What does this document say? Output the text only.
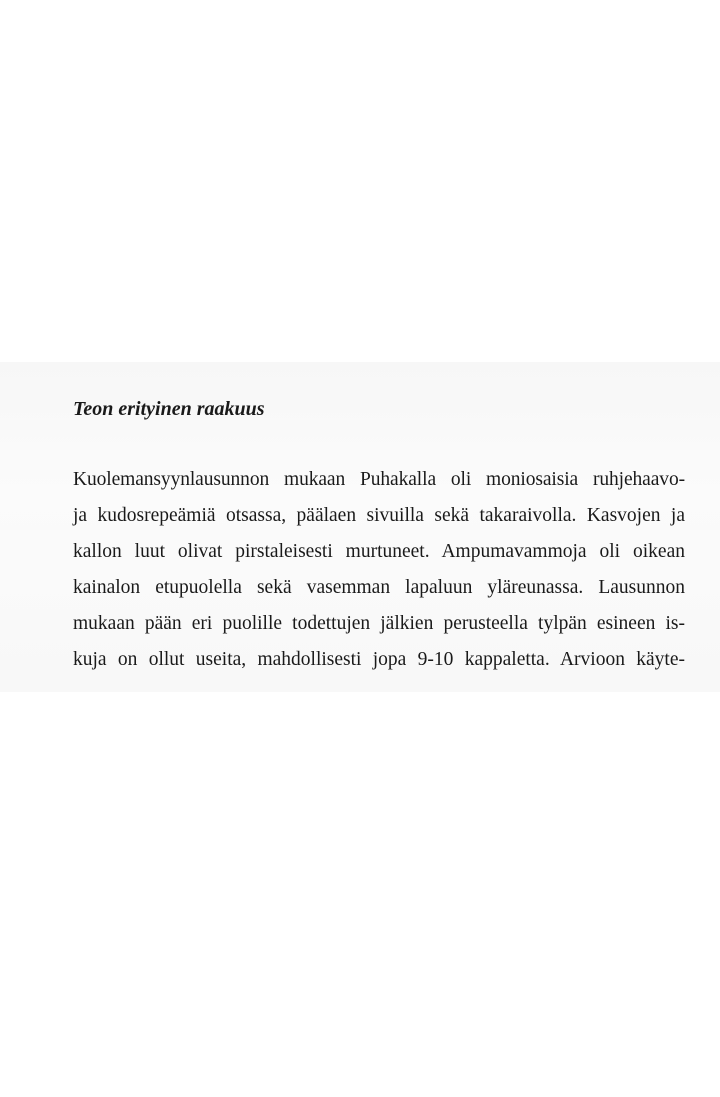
Teon erityinen raakuus
Kuolemansyynlausunnon mukaan Puhakalla oli moniosaisia ruhjehaavo-
ja kudosrepeämiä otsassa, päälaen sivuilla sekä takaraivolla. Kasvojen ja
kallon luut olivat pirstaleisesti murtuneet. Ampumavammoja oli oikean
kainalon etupuolella sekä vasemman lapaluun yläreunassa. Lausunnon
mukaan pään eri puolille todettujen jälkien perusteella tylpän esineen is-
kuja on ollut useita, mahdollisesti jopa 9-10 kappaletta. Arvioon käyte-
